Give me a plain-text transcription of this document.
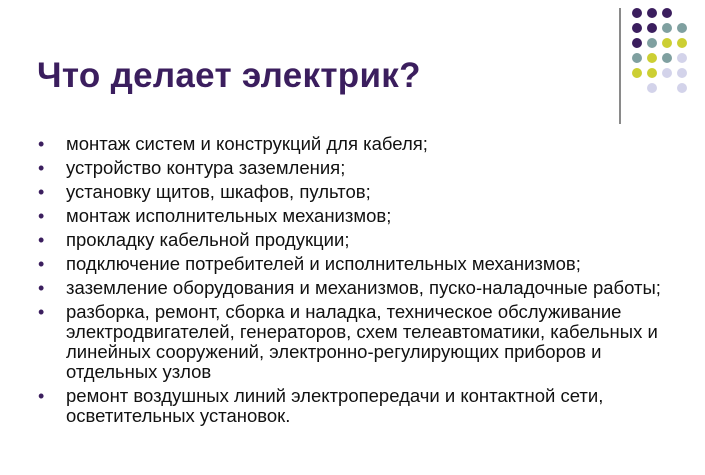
Что делает электрик?
• монтаж систем и конструкций для кабеля;
• устройство контура заземления;
• установку щитов, шкафов, пультов;
• монтаж исполнительных механизмов;
• прокладку кабельной продукции;
• подключение потребителей и исполнительных механизмов;
• заземление оборудования и механизмов, пуско-наладочные работы;
• разборка, ремонт, сборка и наладка, техническое обслуживание электродвигателей, генераторов, схем телеавтоматики, кабельных и линейных сооружений, электронно-регулирующих приборов и отдельных узлов
• ремонт воздушных линий электропередачи и контактной сети, осветительных установок.
